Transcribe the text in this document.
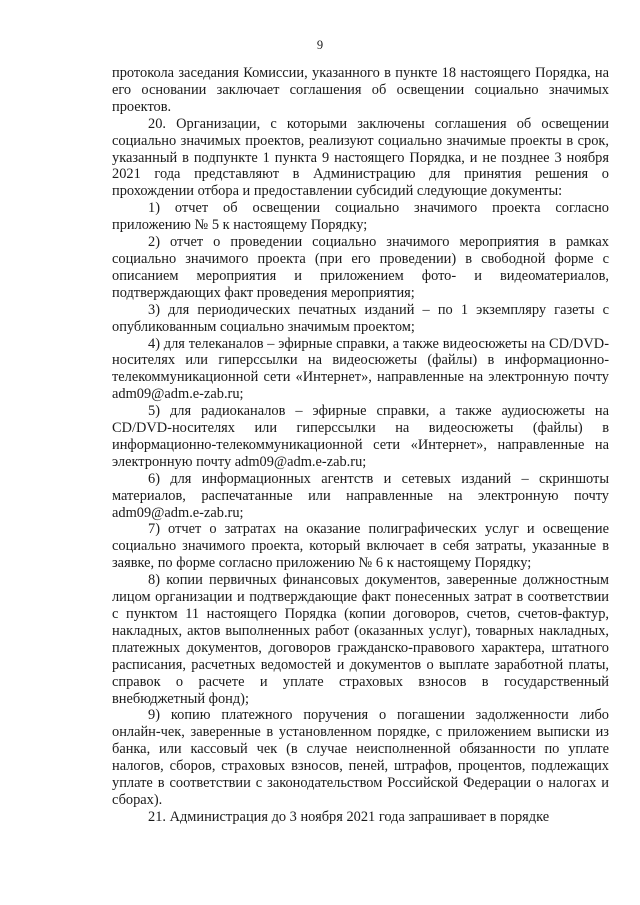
9

протокола заседания Комиссии, указанного в пункте 18 настоящего Порядка, на его основании заключает соглашения об освещении социально значимых проектов.

20. Организации, с которыми заключены соглашения об освещении социально значимых проектов, реализуют социально значимые проекты в срок, указанный в подпункте 1 пункта 9 настоящего Порядка, и не позднее 3 ноября 2021 года представляют в Администрацию для принятия решения о прохождении отбора и предоставлении субсидий следующие документы:

1) отчет об освещении социально значимого проекта согласно приложению № 5 к настоящему Порядку;

2) отчет о проведении социально значимого мероприятия в рамках социально значимого проекта (при его проведении) в свободной форме с описанием мероприятия и приложением фото- и видеоматериалов, подтверждающих факт проведения мероприятия;

3) для периодических печатных изданий – по 1 экземпляру газеты с опубликованным социально значимым проектом;

4) для телеканалов – эфирные справки, а также видеосюжеты на CD/DVD-носителях или гиперссылки на видеосюжеты (файлы) в информационно-телекоммуникационной сети «Интернет», направленные на электронную почту adm09@adm.e-zab.ru;

5) для радиоканалов – эфирные справки, а также аудиосюжеты на CD/DVD-носителях или гиперссылки на видеосюжеты (файлы) в информационно-телекоммуникационной сети «Интернет», направленные на электронную почту adm09@adm.e-zab.ru;

6) для информационных агентств и сетевых изданий – скриншоты материалов, распечатанные или направленные на электронную почту adm09@adm.e-zab.ru;

7) отчет о затратах на оказание полиграфических услуг и освещение социально значимого проекта, который включает в себя затраты, указанные в заявке, по форме согласно приложению № 6 к настоящему Порядку;

8) копии первичных финансовых документов, заверенные должностным лицом организации и подтверждающие факт понесенных затрат в соответствии с пунктом 11 настоящего Порядка (копии договоров, счетов, счетов-фактур, накладных, актов выполненных работ (оказанных услуг), товарных накладных, платежных документов, договоров гражданско-правового характера, штатного расписания, расчетных ведомостей и документов о выплате заработной платы, справок о расчете и уплате страховых взносов в государственный внебюджетный фонд);

9) копию платежного поручения о погашении задолженности либо онлайн-чек, заверенные в установленном порядке, с приложением выписки из банка, или кассовый чек (в случае неисполненной обязанности по уплате налогов, сборов, страховых взносов, пеней, штрафов, процентов, подлежащих уплате в соответствии с законодательством Российской Федерации о налогах и сборах).

21. Администрация до 3 ноября 2021 года запрашивает в порядке
